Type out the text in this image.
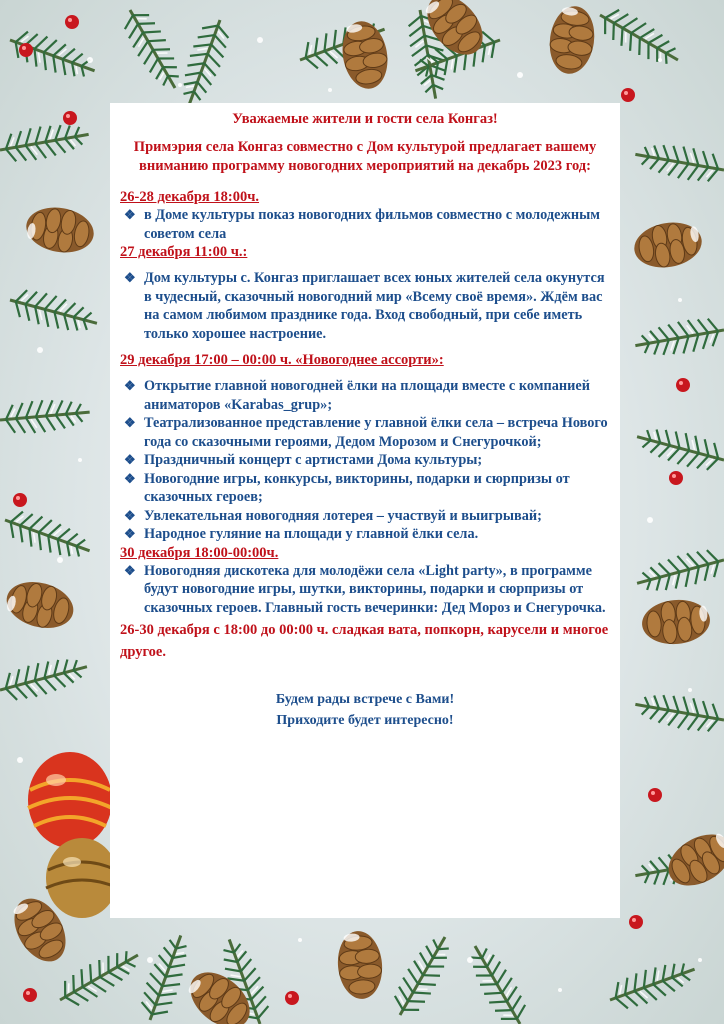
Уважаемые жители и гости села Конгаз!

Примэрия села Конгаз совместно с Дом культурой предлагает вашему вниманию программу новогодних мероприятий на декабрь 2023 год:

26-28 декабря 18:00ч.

❖ в Доме культуры показ новогодних фильмов совместно с молодежным советом села

27 декабря 11:00 ч.:

❖ Дом культуры с. Конгаз приглашает всех юных жителей села окунутся в чудесный, сказочный новогодний мир «Всему своё время». Ждём вас на самом любимом празднике года. Вход свободный, при себе иметь только хорошее настроение.

29 декабря 17:00 – 00:00 ч. «Новогоднее ассорти»:

❖ Открытие главной новогодней ёлки на площади вместе с компанией аниматоров «Karabas_grup»;
❖ Театрализованное представление у главной ёлки села – встреча Нового года со сказочными героями, Дедом Морозом и Снегурочкой;
❖ Праздничный концерт с артистами Дома культуры;
❖ Новогодние игры, конкурсы, викторины, подарки и сюрпризы от сказочных героев;
❖ Увлекательная новогодняя лотерея – участвуй и выигрывай;
❖ Народное гуляние на площади у главной ёлки села.

30 декабря 18:00-00:00ч.

❖ Новогодняя дискотека для молодёжи села «Light party», в программе будут новогодние игры, шутки, викторины, подарки и сюрпризы от сказочных героев. Главный гость вечеринки: Дед Мороз и Снегурочка.

26-30 декабря с 18:00 до 00:00 ч. сладкая вата, попкорн, карусели и многое другое.

Будем рады встрече с Вами!

Приходите будет интересно!
